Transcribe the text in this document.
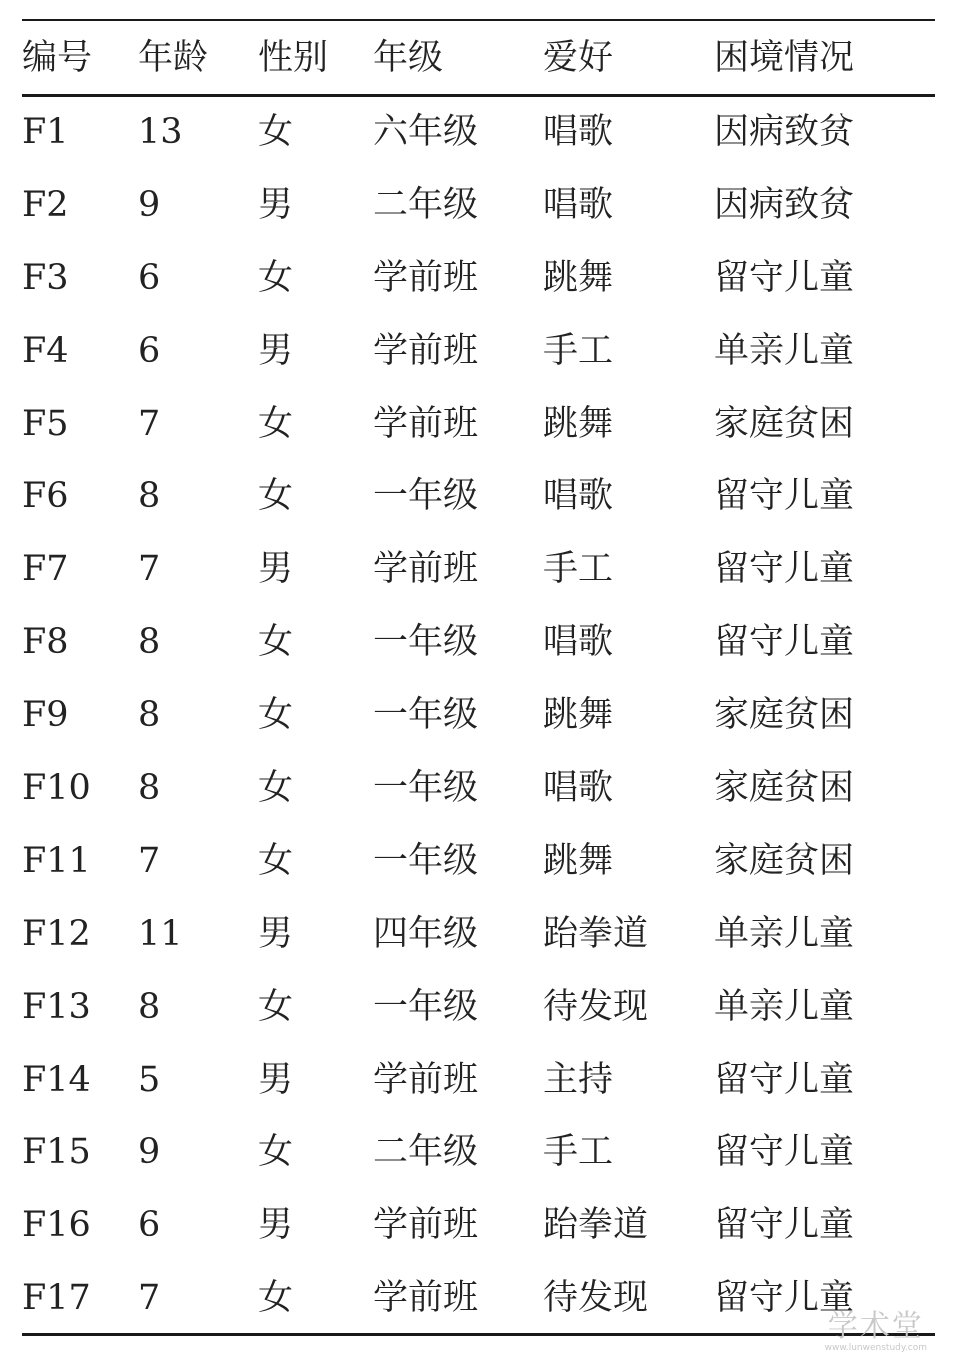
编号	年龄	性别	年级	爱好	困境情况
F1	13	女	六年级	唱歌	因病致贫
F2	9	男	二年级	唱歌	因病致贫
F3	6	女	学前班	跳舞	留守儿童
F4	6	男	学前班	手工	单亲儿童
F5	7	女	学前班	跳舞	家庭贫困
F6	8	女	一年级	唱歌	留守儿童
F7	7	男	学前班	手工	留守儿童
F8	8	女	一年级	唱歌	留守儿童
F9	8	女	一年级	跳舞	家庭贫困
F10	8	女	一年级	唱歌	家庭贫困
F11	7	女	一年级	跳舞	家庭贫困
F12	11	男	四年级	跆拳道	单亲儿童
F13	8	女	一年级	待发现	单亲儿童
F14	5	男	学前班	主持	留守儿童
F15	9	女	二年级	手工	留守儿童
F16	6	男	学前班	跆拳道	留守儿童
F17	7	女	学前班	待发现	留守儿童
学术堂
www.lunwenstudy.com
